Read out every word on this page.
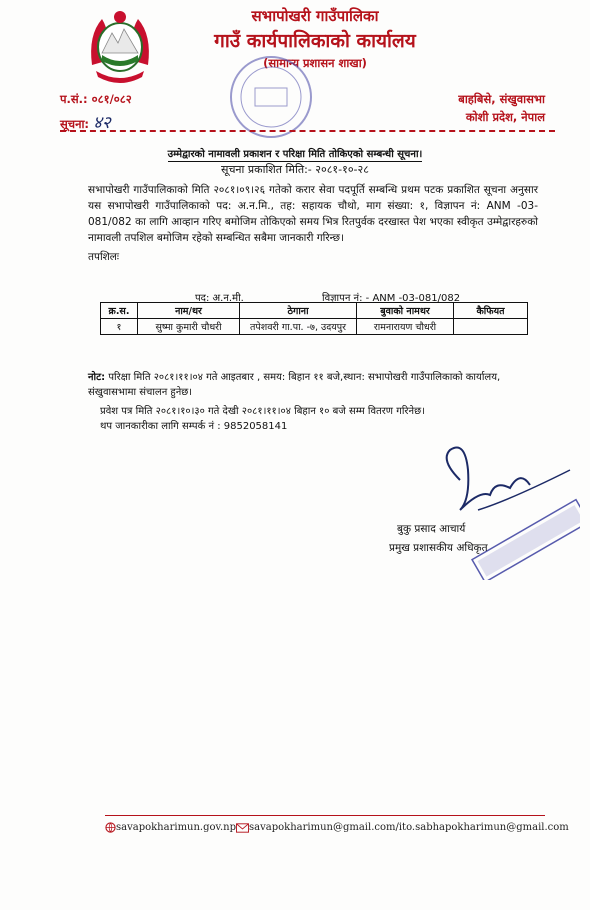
सभापोखरी गाउँपालिका
गाउँ कार्यपालिकाको कार्यालय
(सामान्य प्रशासन शाखा)
प.सं.: ०८१/०८२
सूचना: ४२
बाहबिसे, संखुवासभा
कोशी प्रदेश, नेपाल
उम्मेद्वारको नामावली प्रकाशन र परिक्षा मिति तोकिएको सम्बन्धी सूचना।
सूचना प्रकाशित मिति:- २०८१-१०-२८
सभापोखरी गाउँपालिकाको मिति २०८१।०९।२६ गतेको करार सेवा पदपूर्ति सम्बन्धि प्रथम पटक प्रकाशित सूचना अनुसार यस सभापोखरी गाउँपालिकाको पद: अ.न.मि., तह: सहायक चौथो, माग संख्या: १, विज्ञापन नं: ANM -03-081/082 का लागि आव्हान गरिए बमोजिम तोकिएको समय भित्र रितपुर्वक दरखास्त पेश भएका स्वीकृत उम्मेद्वारहरुको नामावली तपशिल बमोजिम रहेको सम्बन्धित सबैमा जानकारी गरिन्छ।
तपशिलः
पद: अ.न.मी.	विज्ञापन नं: - ANM -03-081/082
क्र.स.	नाम/थर	ठेगाना	बुवाको नामथर	कैफियत
१	सुष्मा कुमारी चौधरी	तपेशवरी गा.पा. -७, उदयपुर	रामनारायण चौधरी	
नोट: परिक्षा मिति २०८१।११।०४ गते आइतबार , समय: बिहान ११ बजे,स्थान: सभापोखरी गाउँपालिकाको कार्यालय, संखुवासभामा संचालन हुनेछ।
प्रवेश पत्र मिति २०८१।१०।३० गते देखी २०८१।११।०४ बिहान १० बजे सम्म वितरण गरिनेछ।
थप जानकारीका लागि सम्पर्क नं : 9852058141
बुकु प्रसाद आचार्य
प्रमुख प्रशासकीय अधिकृत
savapokharimun.gov.np savapokharimun@gmail.com/ito.sabhapokharimun@gmail.com
